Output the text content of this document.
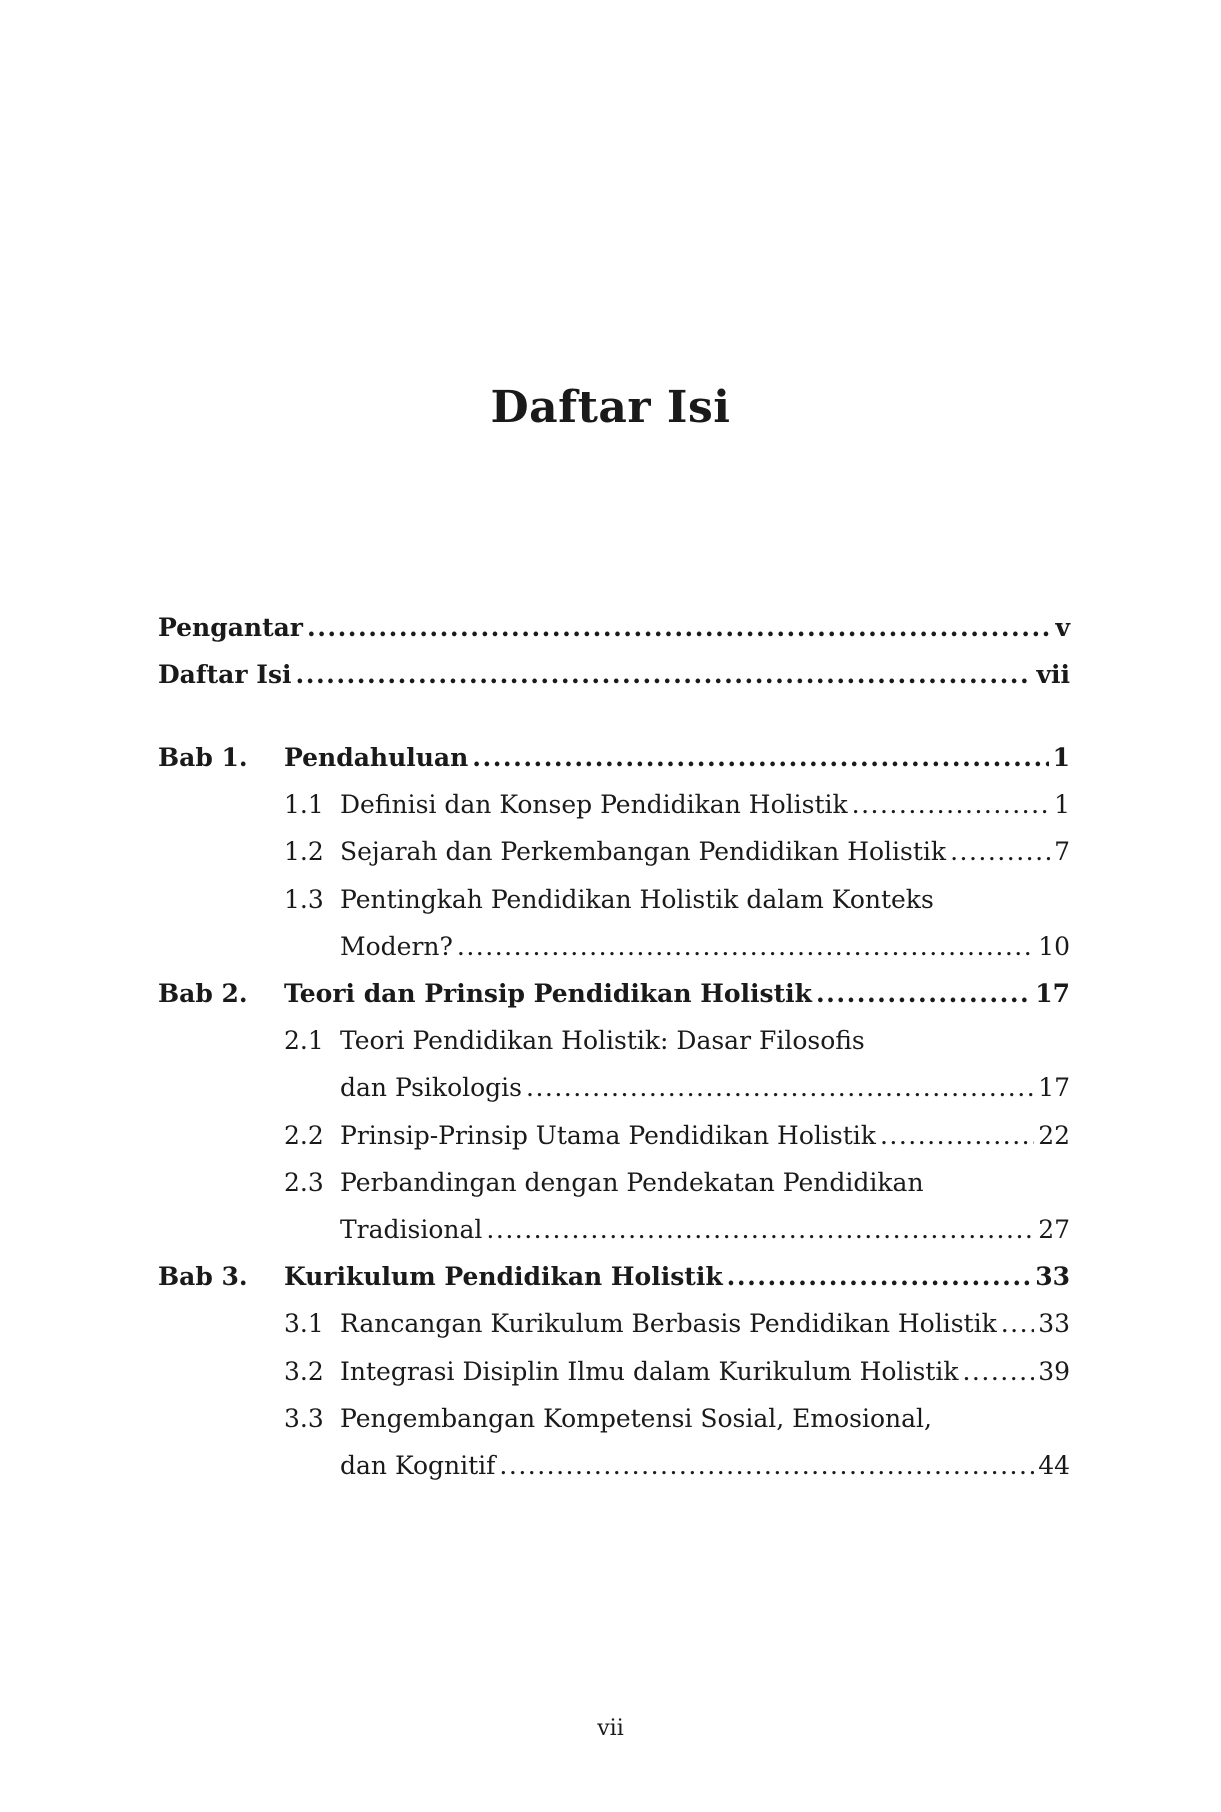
Daftar Isi
Pengantar .....	v
Daftar Isi .....	vii
Bab 1. Pendahuluan .....	1
1.1 Definisi dan Konsep Pendidikan Holistik .....	1
1.2 Sejarah dan Perkembangan Pendidikan Holistik .....	7
1.3 Pentingkah Pendidikan Holistik dalam Konteks
Modern? .....	10
Bab 2. Teori dan Prinsip Pendidikan Holistik .....	17
2.1 Teori Pendidikan Holistik: Dasar Filosofis
dan Psikologis .....	17
2.2 Prinsip-Prinsip Utama Pendidikan Holistik .....	22
2.3 Perbandingan dengan Pendekatan Pendidikan
Tradisional .....	27
Bab 3. Kurikulum Pendidikan Holistik .....	33
3.1 Rancangan Kurikulum Berbasis Pendidikan Holistik ..... 33
3.2 Integrasi Disiplin Ilmu dalam Kurikulum Holistik .....	39
3.3 Pengembangan Kompetensi Sosial, Emosional,
dan Kognitif .....	44
vii
